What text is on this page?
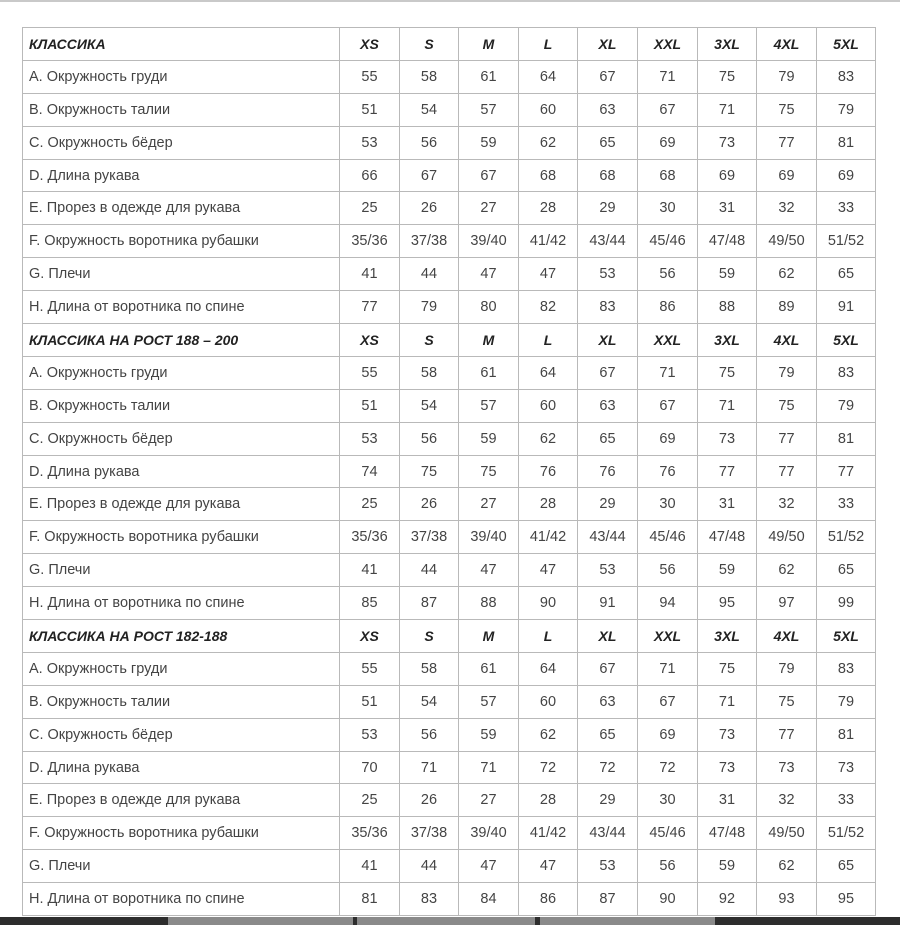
КЛАССИКА	XS	S	M	L	XL	XXL	3XL	4XL	5XL
A. Окружность груди	55	58	61	64	67	71	75	79	83
B. Окружность талии	51	54	57	60	63	67	71	75	79
C. Окружность бёдер	53	56	59	62	65	69	73	77	81
D. Длина рукава	66	67	67	68	68	68	69	69	69
E. Прорез в одежде для рукава	25	26	27	28	29	30	31	32	33
F. Окружность воротника рубашки	35/36	37/38	39/40	41/42	43/44	45/46	47/48	49/50	51/52
G. Плечи	41	44	47	47	53	56	59	62	65
H. Длина от воротника по спине	77	79	80	82	83	86	88	89	91
КЛАССИКА НА РОСТ 188 – 200	XS	S	M	L	XL	XXL	3XL	4XL	5XL
A. Окружность груди	55	58	61	64	67	71	75	79	83
B. Окружность талии	51	54	57	60	63	67	71	75	79
C. Окружность бёдер	53	56	59	62	65	69	73	77	81
D. Длина рукава	74	75	75	76	76	76	77	77	77
E. Прорез в одежде для рукава	25	26	27	28	29	30	31	32	33
F. Окружность воротника рубашки	35/36	37/38	39/40	41/42	43/44	45/46	47/48	49/50	51/52
G. Плечи	41	44	47	47	53	56	59	62	65
H. Длина от воротника по спине	85	87	88	90	91	94	95	97	99
КЛАССИКА НА РОСТ 182-188	XS	S	M	L	XL	XXL	3XL	4XL	5XL
A. Окружность груди	55	58	61	64	67	71	75	79	83
B. Окружность талии	51	54	57	60	63	67	71	75	79
C. Окружность бёдер	53	56	59	62	65	69	73	77	81
D. Длина рукава	70	71	71	72	72	72	73	73	73
E. Прорез в одежде для рукава	25	26	27	28	29	30	31	32	33
F. Окружность воротника рубашки	35/36	37/38	39/40	41/42	43/44	45/46	47/48	49/50	51/52
G. Плечи	41	44	47	47	53	56	59	62	65
H. Длина от воротника по спине	81	83	84	86	87	90	92	93	95
